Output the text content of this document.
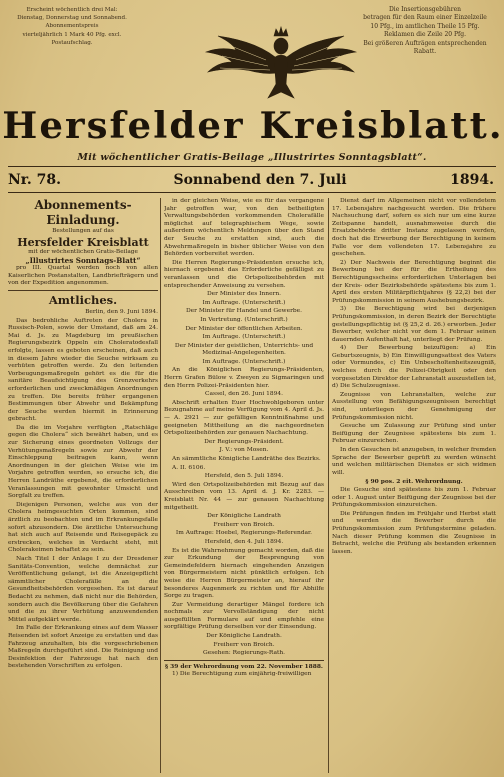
Erscheint wöchentlich drei Mal:
Dienstag, Donnerstag und Sonnabend.
Abonnementspreis
vierteljährlich 1 Mark 40 Pfg. excl.
Postaufschlag.
Die Insertionsgebühren
betragen für den Raum einer Einzelzeile
10 Pfg., im amtlichen Theile 15 Pfg.
Reklamen die Zeile 20 Pfg.
Bei größeren Aufträgen entsprechenden
Rabatt.
Hersfelder Kreisblatt.
Mit wöchentlicher Gratis-Beilage „Illustrirtes Sonntagsblatt“.
Nr. 78.	Sonnabend den 7. Juli	1894.

Abonnements-Einladung.

Bestellungen auf das

Hersfelder Kreisblatt

mit der wöchentlichen Gratis-Beilage

„Illustrirtes Sonntags-Blatt“

pro III. Quartal werden noch von allen Kaiserlichen Postanstalten, Landbriefträgern und von der Expedition angenommen.

Amtliches.

Berlin, den 9. Juni 1894.

Das bedrohliche Auftreten der Cholera in Russisch-Polen, sowie der Umstand, daß am 24. Mai d. Js. zu Magdeburg im preußischen Regierungsbezirk Oppeln ein Choleratodesfall erfolgte, lassen es geboten erscheinen, daß auch in diesem Jahre wieder die Seuche wirksam zu verhüten getroffen werde. Zu den leitenden Vorbeugungsmaßregeln gehört es die für die sanitäre Beaufsichtigung des Grenzverkehrs erforderlichen und zweckmäßigen Anordnungen zu treffen. Die bereits früher ergangenen Bestimmungen über Abwehr und Bekämpfung der Seuche werden hiermit in Erinnerung gebracht.

Da die im Vorjahre verfügten „Ratschläge gegen die Cholera“ sich bewährt haben, und es zur Sicherung eines geordneten Vollzugs der Verhütungsmaßregeln sowie zur Abwehr der Einschleppung beitragen kann, wenn Anordnungen in der gleichen Weise wie im Vorjahre getroffen werden, so ersuche ich, die Herren Landräthe ergebenst, die erforderlichen Veranlassungen mit gewohnter Umsicht und Sorgfalt zu treffen.

Diejenigen Personen, welche aus von der Cholera heimgesuchten Orten kommen, sind ärztlich zu beobachten und im Erkrankungsfalle sofort abzusondern. Die ärztliche Untersuchung hat sich auch auf Reisende und Reisegepäck zu erstrecken, welches in Verdacht steht, mit Cholerakeimen behaftet zu sein.

Nach Titel I der Anlage I zu der Dresdener Sanitäts-Convention, welche demnächst zur Veröffentlichung gelangt, ist die Anzeigepflicht sämmtlicher Cholerafälle an die Gesundheitsbehörden vorgesehen. Es ist darauf Bedacht zu nehmen, daß nicht nur die Behörden, sondern auch die Bevölkerung über die Gefahren und die zu ihrer Verhütung anzuwendenden Mittel aufgeklärt werde.

Im Falle der Erkrankung eines auf dem Wasser Reisenden ist sofort Anzeige zu erstatten und das Fahrzeug anzuhalten, bis die vorgeschriebenen Maßregeln durchgeführt sind. Die Reinigung und Desinfektion der Fahrzeuge hat nach den bestehenden Vorschriften zu erfolgen.

in der gleichen Weise, wie es für das vergangene Jahr getroffen war, von den betheiligten Verwaltungsbehörden vorkommenden Cholerafälle möglichst auf telegraphischem Wege, sowie außerdem wöchentlich Meldungen über den Stand der Seuche zu erstatten sind, auch die Abwehrmaßregeln in bisher üblicher Weise von den Behörden vorbereitet werden.

Die Herren Regierungs-Präsidenten ersuche ich, hiernach ergebenst das Erforderliche gefälligst zu veranlassen und die Ortspolizeibehörden mit entsprechender Anweisung zu versehen.

Der Minister des Innern.

Im Auftrage. (Unterschrift.)

Der Minister für Handel und Gewerbe.

In Vertretung. (Unterschrift.)

Der Minister der öffentlichen Arbeiten.

Im Auftrage. (Unterschrift.)

Der Minister der geistlichen, Unterrichts- und Medizinal-Angelegenheiten.

Im Auftrage. (Unterschrift.)

An die Königlichen Regierungs-Präsidenten, Herrn Grafen Bülow v. Zweyen zu Sigmaringen und den Herrn Polizei-Präsidenten hier.

Cassel, den 26. Juni 1894.

Abschrift erhalten Euer Hochwohlgeboren unter Bezugnahme auf meine Verfügung vom 4. April d. Js. — A. 2921 — zur gefälligen Kenntnißnahme und geeigneten Mittheilung an die nachgeordneten Ortspolizeibehörden zur genauen Nachachtung.

Der Regierungs-Präsident.

J. V.: von Mosen.

An sämmtliche Königliche Landräthe des Bezirks.

A. II. 6106.

Hersfeld, den 5. Juli 1894.

Wird den Ortspolizeibehörden mit Bezug auf das Ausschreiben vom 13. April d. J. Kr. 2283. — Kreisblatt Nr. 44 — zur genauen Nachachtung mitgetheilt.

Der Königliche Landrath

Freiherr von Broich.

Im Auftrage: Hoebel, Regierungs-Referendar.

Hersfeld, den 4. Juli 1894.

Es ist die Wahrnehmung gemacht worden, daß die zur Erkundung der Besprengung von Gemeindefeldern hiernach eingehenden Anzeigen von Bürgermeistern nicht pünktlich erfolgen. Ich weise die Herren Bürgermeister an, hierauf ihr besonderes Augenmerk zu richten und für Abhilfe Sorge zu tragen.

Zur Vermeidung derartiger Mängel fordere ich nochmals zur Vervollständigung der nicht ausgefüllten Formulare auf und empfehle eine sorgfältige Prüfung derselben vor der Einsendung.

Der Königliche Landrath.

Freiherr von Broich.

Gesehen: Regierungs-Rath.

§ 39 der Wehrordnung vom 22. November 1888.

1) Die Berechtigung zum einjährig-freiwilligen

Dienst darf im Allgemeinen nicht vor vollendetem 17. Lebensjahre nachgesucht werden. Die frühere Nachsuchung darf, sofern es sich nur um eine kurze Zeitspanne handelt, ausnahmsweise durch die Ersatzbehörde dritter Instanz zugelassen werden, doch hat die Erwerbung der Berechtigung in keinem Falle vor dem vollendeten 17. Lebensjahre zu geschehen.

2) Der Nachweis der Berechtigung beginnt die Bewerbung bei der für die Ertheilung des Berechtigungsscheins erforderlichen Unterlagen bei der Kreis- oder Bezirksbehörde spätestens bis zum 1. April des ersten Militärpflichtjahres (§ 22,2) bei der Prüfungskommission in seinem Aushebungsbezirk.

3) Die Berechtigung wird bei derjenigen Prüfungskommission, in deren Bezirk der Berechtigte gestellungspflichtig ist (§ 25,2 d. 26.) erworben. Jeder Bewerber, welcher nicht vor dem 1. Februar seinen dauernden Aufenthalt hat, unterliegt der Prüfung.

4) Der Bewerbung beizufügen: a) Ein Geburtszeugnis, b) Ein Einwilligungsattest des Vaters oder Vormundes, c) Ein Unbescholtenheitszeugniß, welches durch die Polizei-Obrigkeit oder den vorgesetzten Direktor der Lehranstalt auszustellen ist, d) Die Schulzeugnisse.

Zeugnisse von Lehranstalten, welche zur Ausstellung von Befähigungszeugnissen berechtigt sind, unterliegen der Genehmigung der Prüfungskommission nicht.

Gesuche um Zulassung zur Prüfung sind unter Beifügung der Zeugnisse spätestens bis zum 1. Februar einzureichen.

In den Gesuchen ist anzugeben, in welcher fremden Sprache der Bewerber geprüft zu werden wünscht und welchen militärischen Dienstes er sich widmen will.

§ 90 pos. 2 eit. Wehrordnung.

Die Gesuche sind spätestens bis zum 1. Februar oder 1. August unter Beifügung der Zeugnisse bei der Prüfungskommission einzureichen.

Die Prüfungen finden im Frühjahr und Herbst statt und werden die Bewerber durch die Prüfungskommission zum Prüfungstermine geladen. Nach dieser Prüfung kommen die Zeugnisse in Betracht, welche die Prüfung als bestanden erkennen lassen.
